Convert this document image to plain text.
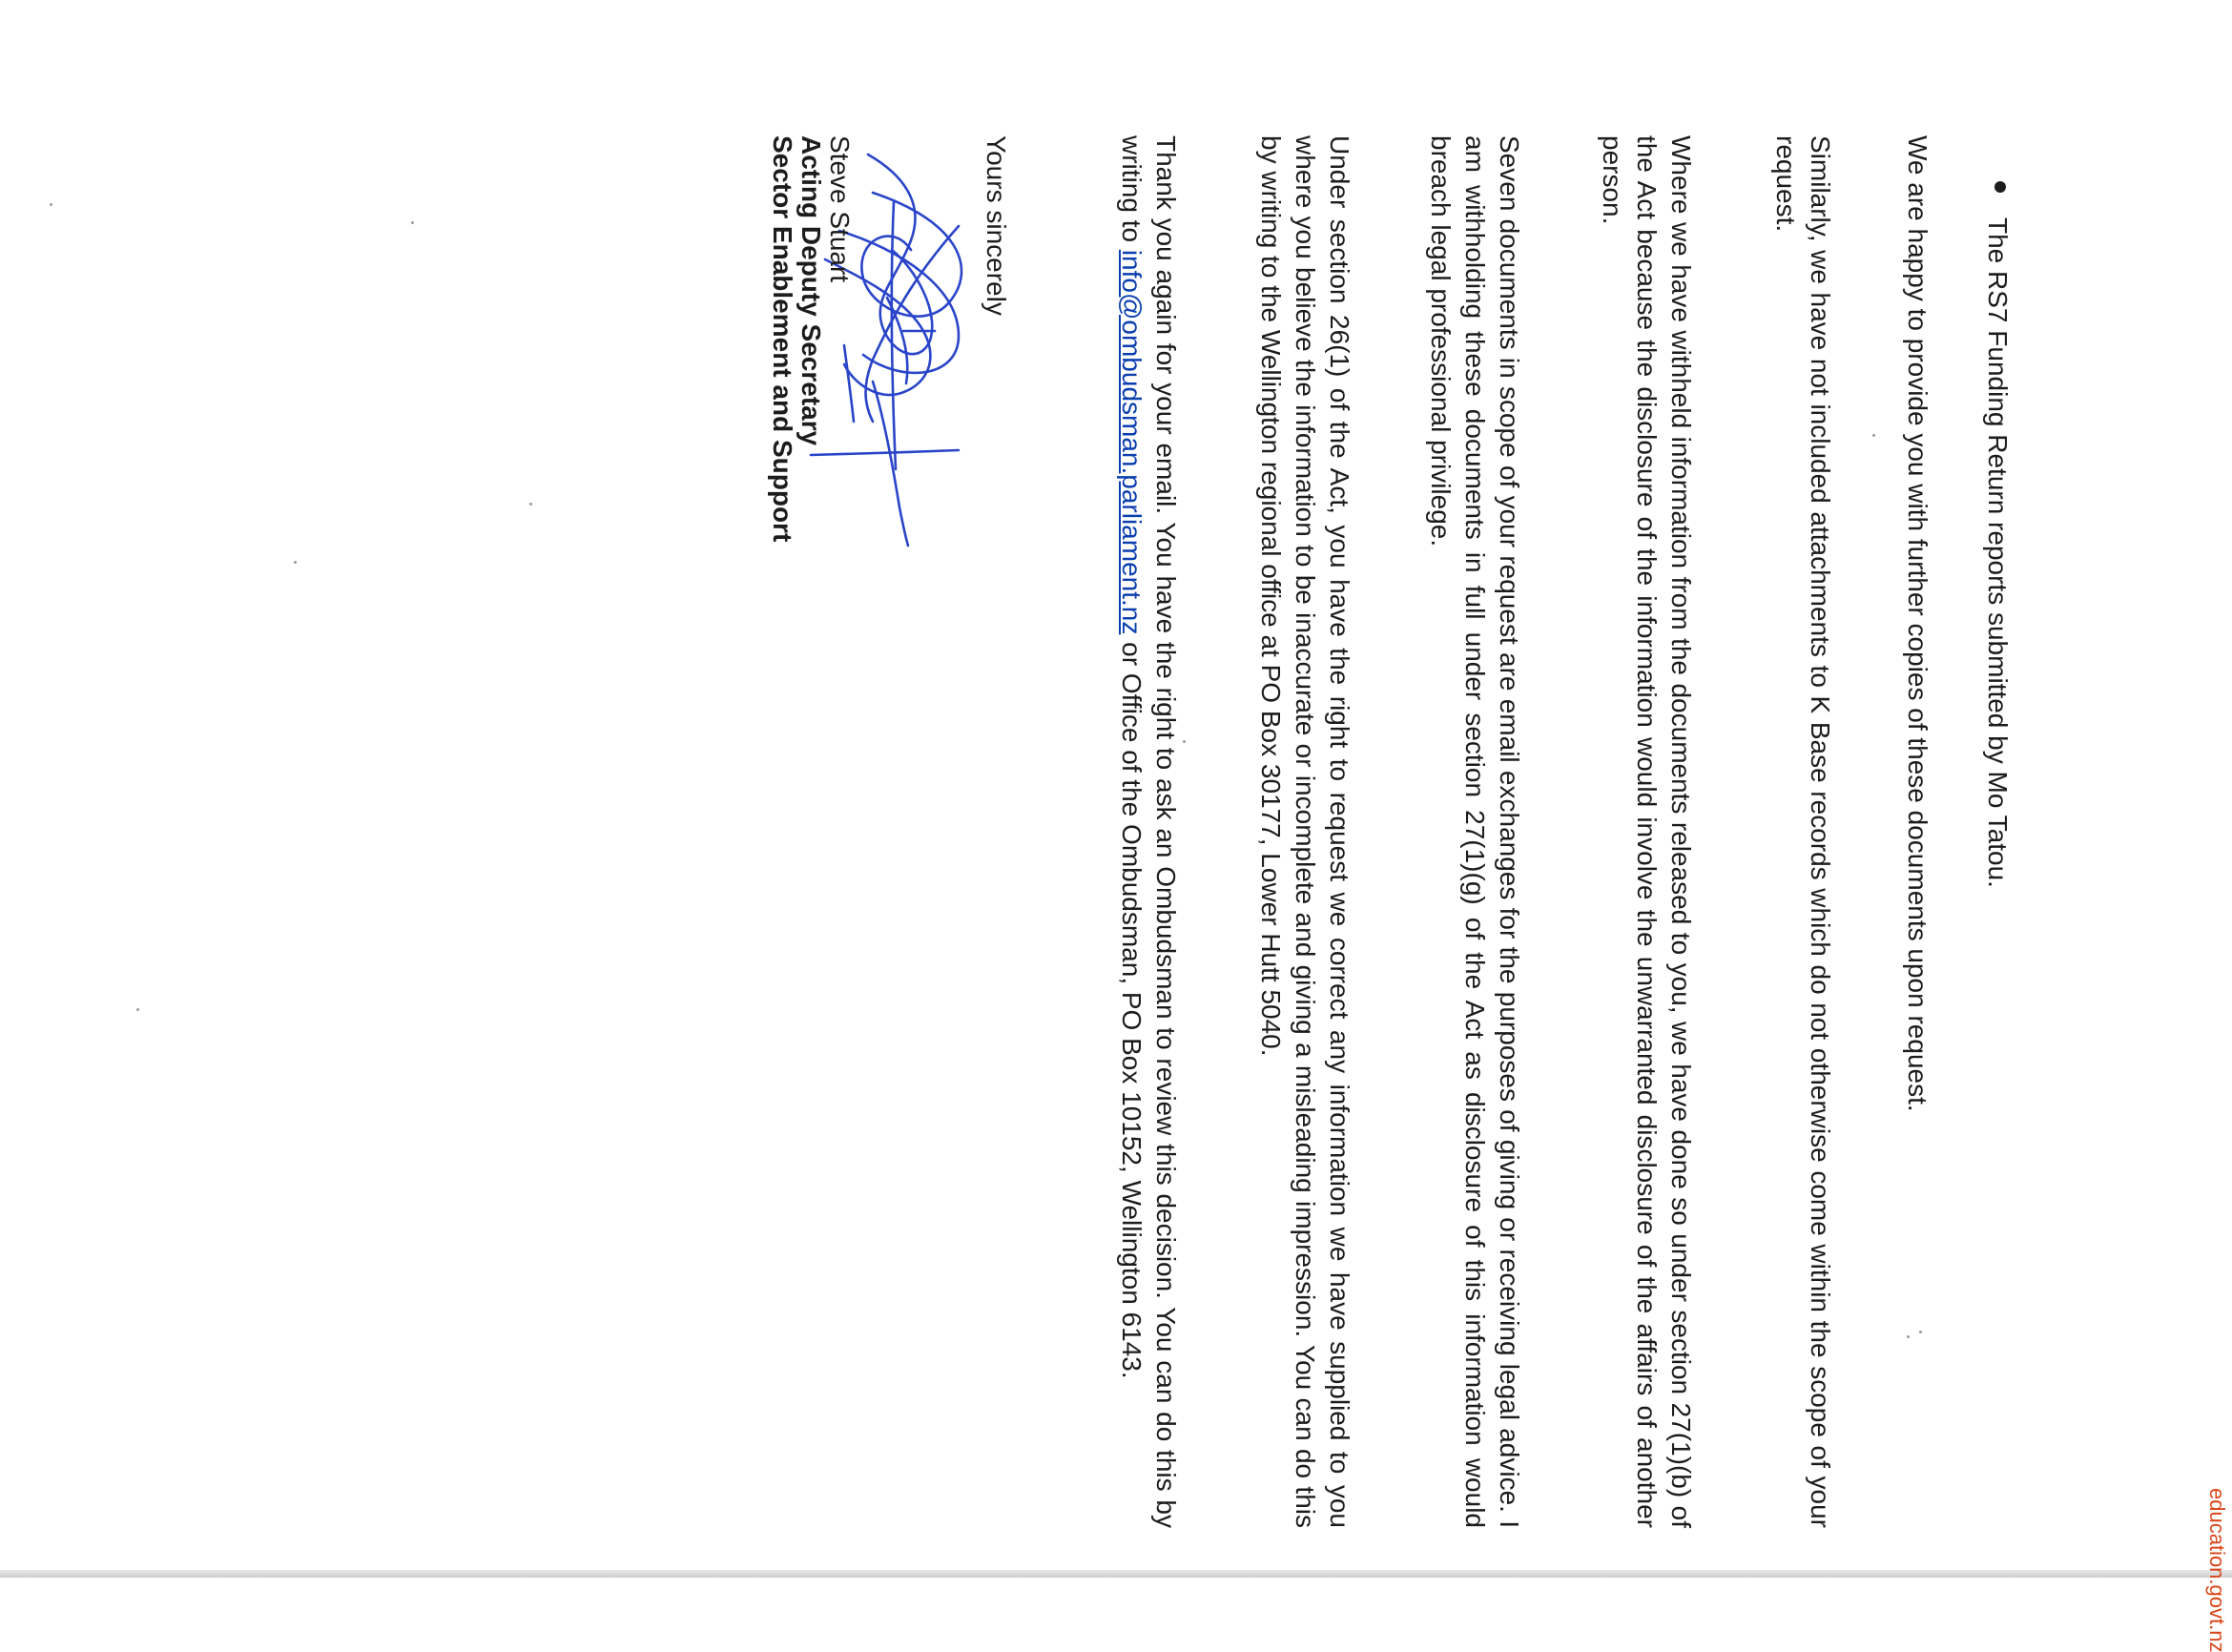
The RS7 Funding Return reports submitted by Mo Tatou.
We are happy to provide you with further copies of these documents upon request.
Similarly, we have not included attachments to K Base records which do not otherwise come within the scope of your request.
Where we have withheld information from the documents released to you, we have done so under section 27(1)(b) of the Act because the disclosure of the information would involve the unwarranted disclosure of the affairs of another person.
Seven documents in scope of your request are email exchanges for the purposes of giving or receiving legal advice. I am withholding these documents in full under section 27(1)(g) of the Act as disclosure of this information would breach legal professional privilege.
Under section 26(1) of the Act, you have the right to request we correct any information we have supplied to you where you believe the information to be inaccurate or incomplete and giving a misleading impression. You can do this by writing to the Wellington regional office at PO Box 30177, Lower Hutt 5040.
Thank you again for your email. You have the right to ask an Ombudsman to review this decision. You can do this by writing to info@ombudsman.parliament.nz or Office of the Ombudsman, PO Box 10152, Wellington 6143.
Yours sincerely
Steve Stuart
Acting Deputy Secretary
Sector Enablement and Support
education.govt.nz
